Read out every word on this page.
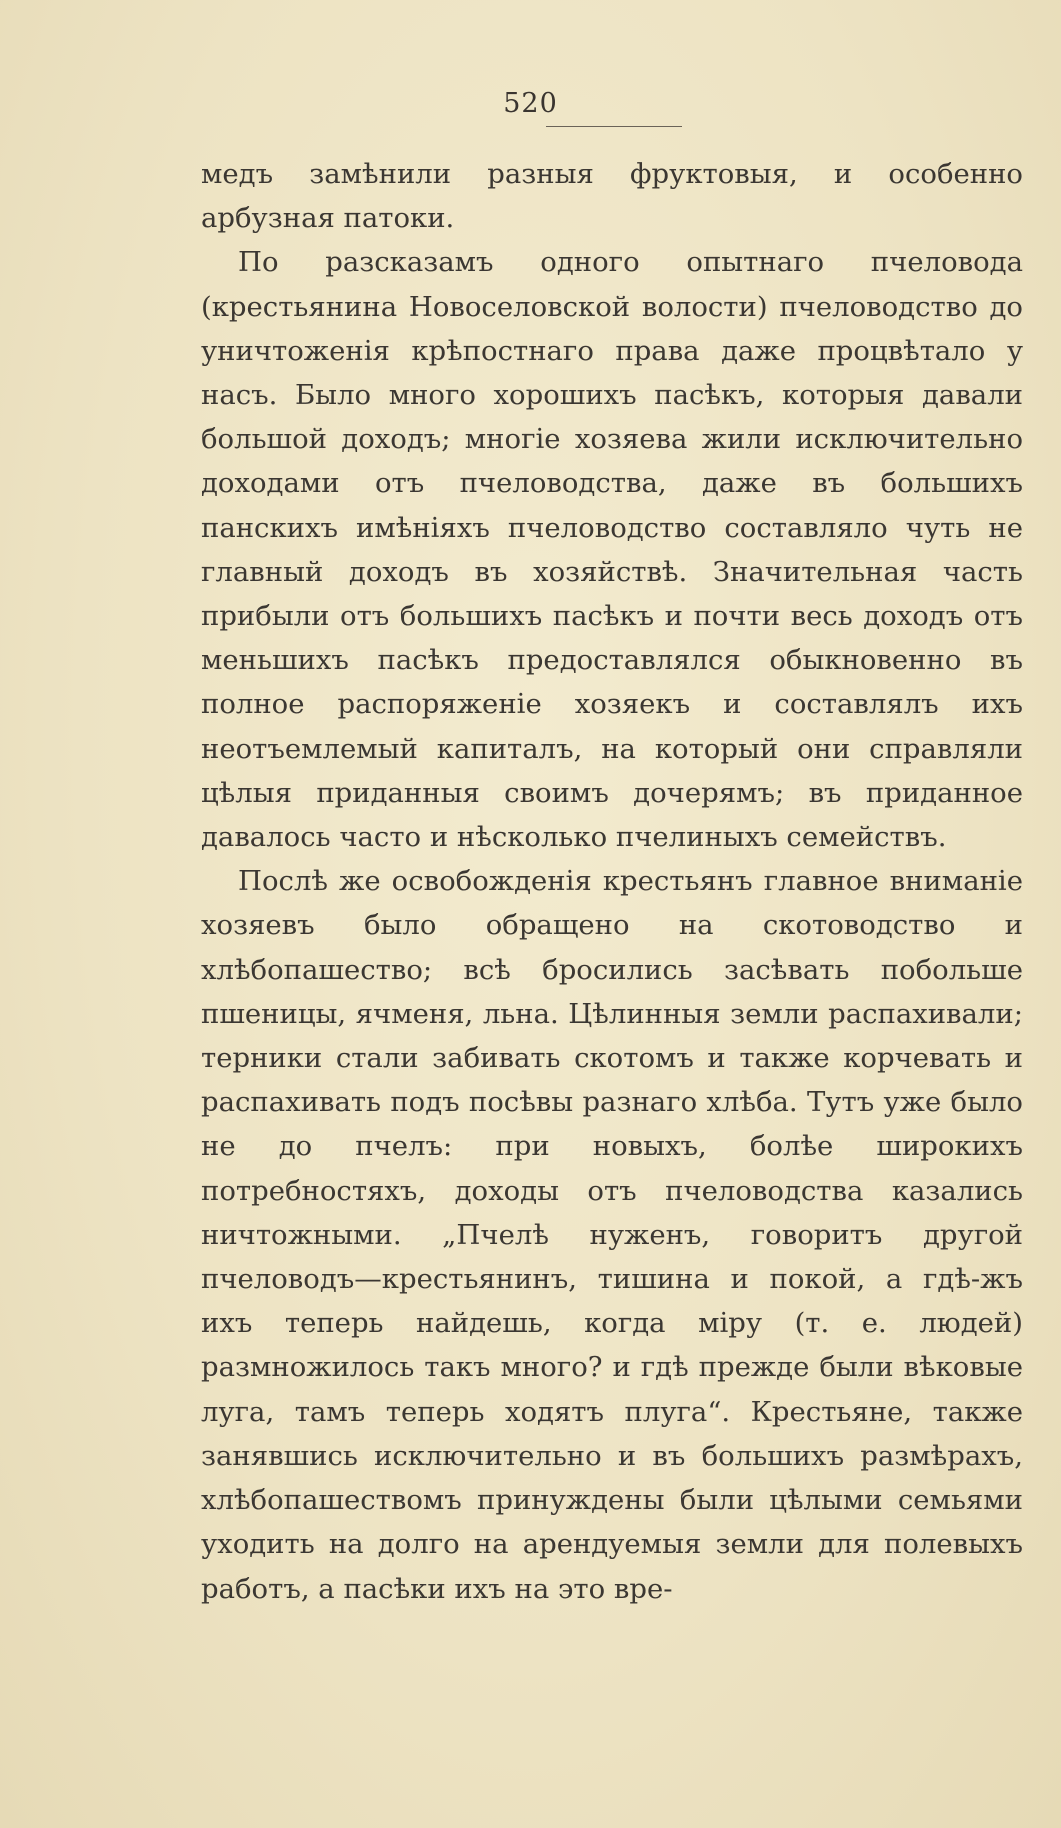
520

медъ замѣнили разныя фруктовыя, и особенно арбузная патоки.

По разсказамъ одного опытнаго пчеловода (крестьянина Новоселовской волости) пчеловодство до уничтоженія крѣпостнаго права даже процвѣтало у насъ. Было много хорошихъ пасѣкъ, которыя давали большой доходъ; многіе хозяева жили исключительно доходами отъ пчеловодства, даже въ большихъ панскихъ имѣніяхъ пчеловодство составляло чуть не главный доходъ въ хозяйствѣ. Значительная часть прибыли отъ большихъ пасѣкъ и почти весь доходъ отъ меньшихъ пасѣкъ предоставлялся обыкновенно въ полное распоряженіе хозяекъ и составлялъ ихъ неотъемлемый капиталъ, на который они справляли цѣлыя приданныя своимъ дочерямъ; въ приданное давалось часто и нѣсколько пчелиныхъ семействъ.

Послѣ же освобожденія крестьянъ главное вниманіе хозяевъ было обращено на скотоводство и хлѣбопашество; всѣ бросились засѣвать побольше пшеницы, ячменя, льна. Цѣлинныя земли распахивали; терники стали забивать скотомъ и также корчевать и распахивать подъ посѣвы разнаго хлѣба. Тутъ уже было не до пчелъ: при новыхъ, болѣе широкихъ потребностяхъ, доходы отъ пчеловодства казались ничтожными. „Пчелѣ нуженъ, говоритъ другой пчеловодъ—крестьянинъ, тишина и покой, а гдѣ-жъ ихъ теперь найдешь, когда міру (т. е. людей) размножилось такъ много? и гдѣ прежде были вѣковые луга, тамъ теперь ходятъ плуга“. Крестьяне, также занявшись исключительно и въ большихъ размѣрахъ, хлѣбопашествомъ принуждены были цѣлыми семьями уходить на долго на арендуемыя земли для полевыхъ работъ, а пасѣки ихъ на это вре-
